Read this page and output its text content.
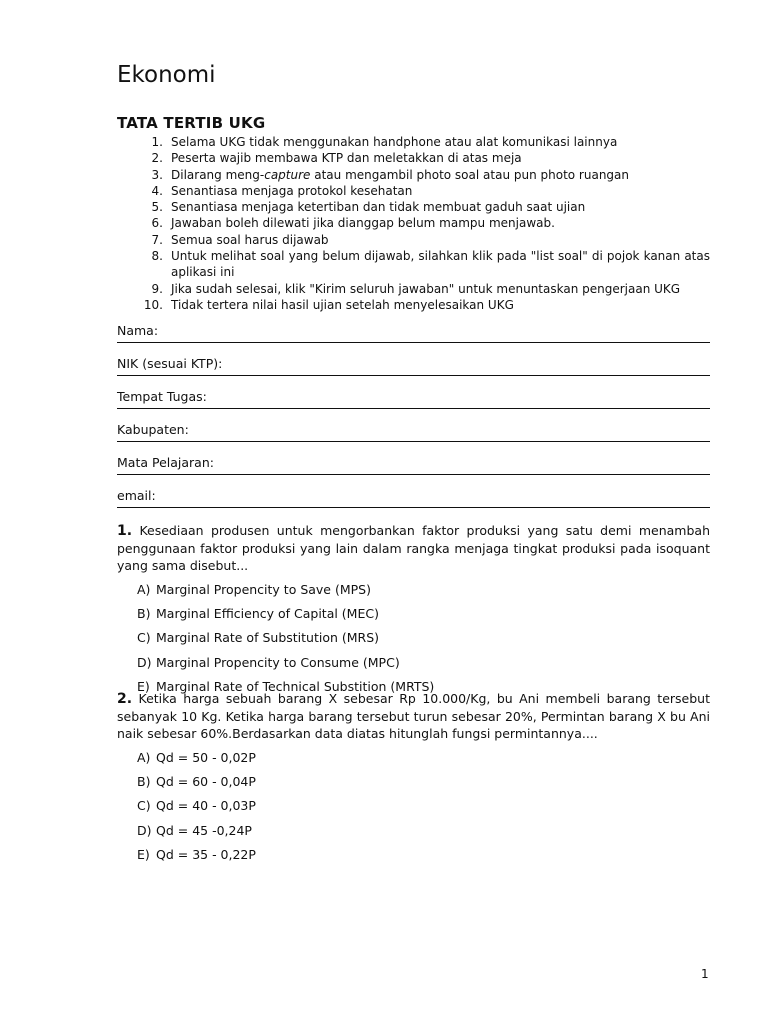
Ekonomi
TATA TERTIB UKG
1. Selama UKG tidak menggunakan handphone atau alat komunikasi lainnya
2. Peserta wajib membawa KTP dan meletakkan di atas meja
3. Dilarang meng-capture atau mengambil photo soal atau pun photo ruangan
4. Senantiasa menjaga protokol kesehatan
5. Senantiasa menjaga ketertiban dan tidak membuat gaduh saat ujian
6. Jawaban boleh dilewati jika dianggap belum mampu menjawab.
7. Semua soal harus dijawab
8. Untuk melihat soal yang belum dijawab, silahkan klik pada "list soal" di pojok kanan atas aplikasi ini
9. Jika sudah selesai, klik "Kirim seluruh jawaban" untuk menuntaskan pengerjaan UKG
10. Tidak tertera nilai hasil ujian setelah menyelesaikan UKG
Nama:
NIK (sesuai KTP):
Tempat Tugas:
Kabupaten:
Mata Pelajaran:
email:

1. Kesediaan produsen untuk mengorbankan faktor produksi yang satu demi menambah penggunaan faktor produksi yang lain dalam rangka menjaga tingkat produksi pada isoquant yang sama disebut...

A) Marginal Propencity to Save (MPS)
B) Marginal Efficiency of Capital (MEC)
C) Marginal Rate of Substitution (MRS)
D) Marginal Propencity to Consume (MPC)
E) Marginal Rate of Technical Substition (MRTS)

2. Ketika harga sebuah barang X sebesar Rp 10.000/Kg, bu Ani membeli barang tersebut sebanyak 10 Kg. Ketika harga barang tersebut turun sebesar 20%, Permintan barang X bu Ani naik sebesar 60%.Berdasarkan data diatas hitunglah fungsi permintannya....

A) Qd = 50 - 0,02P
B) Qd = 60 - 0,04P
C) Qd = 40 - 0,03P
D) Qd = 45 -0,24P
E) Qd = 35 - 0,22P
1
